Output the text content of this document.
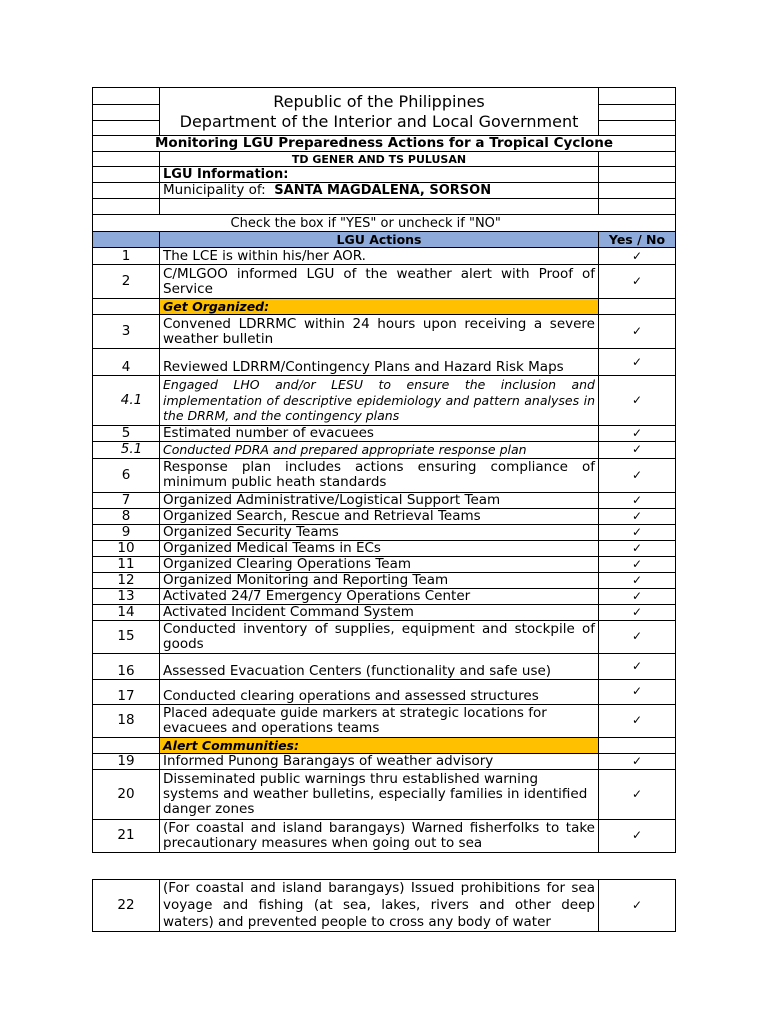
	Republic of the Philippines
Department of the Interior and Local Government	

Monitoring LGU Preparedness Actions for a Tropical Cyclone		
	TD GENER AND TS PULUSAN	
	LGU Information:	
	Municipality of: SANTA MAGDALENA, SORSON	

	Check the box if "YES" or uncheck if "NO"	
	LGU Actions	Yes / No
1	The LCE is within his/her AOR.	✓
2	C/MLGOO informed LGU of the weather alert with Proof of Service	✓
	Get Organized:	
3	Convened LDRRMC within 24 hours upon receiving a severe weather bulletin	✓
4	Reviewed LDRRM/Contingency Plans and Hazard Risk Maps	✓
4.1	Engaged LHO and/or LESU to ensure the inclusion and implementation of descriptive epidemiology and pattern analyses in the DRRM, and the contingency plans	✓
5	Estimated number of evacuees	✓
5.1	Conducted PDRA and prepared appropriate response plan	✓
6	Response plan includes actions ensuring compliance of minimum public heath standards	✓
7	Organized Administrative/Logistical Support Team	✓
8	Organized Search, Rescue and Retrieval Teams	✓
9	Organized Security Teams	✓
10	Organized Medical Teams in ECs	✓
11	Organized Clearing Operations Team	✓
12	Organized Monitoring and Reporting Team	✓
13	Activated 24/7 Emergency Operations Center	✓
14	Activated Incident Command System	✓
15	Conducted inventory of supplies, equipment and stockpile of goods	✓
16	Assessed Evacuation Centers (functionality and safe use)	✓
17	Conducted clearing operations and assessed structures	✓
18	Placed adequate guide markers at strategic locations for evacuees and operations teams	✓
	Alert Communities:	
19	Informed Punong Barangays of weather advisory	✓
20	Disseminated public warnings thru established warning systems and weather bulletins, especially families in identified danger zones	✓
21	(For coastal and island barangays) Warned fisherfolks to take precautionary measures when going out to sea	✓
22	(For coastal and island barangays) Issued prohibitions for sea voyage and fishing (at sea, lakes, rivers and other deep waters) and prevented people to cross any body of water	✓
